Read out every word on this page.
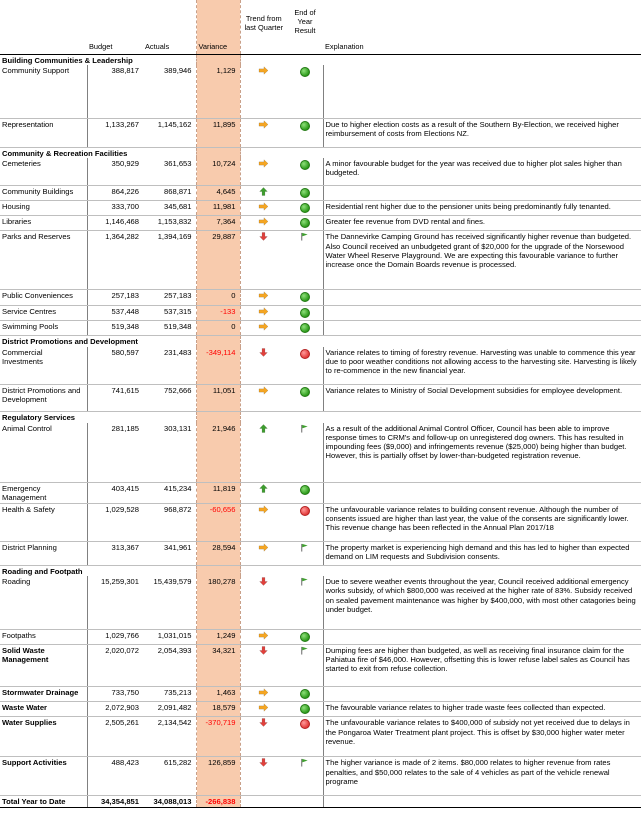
	Budget	Actuals	Variance	Trend from last Quarter	End of Year Result	Explanation
Building Communities & Leadership						
Community Support	388,817	389,946	1,129			
Representation	1,133,267	1,145,162	11,895			Due to higher election costs as a result of the Southern By-Election, we received higher reimbursement of costs from Elections NZ.
Community & Recreation Facilities						
Cemeteries	350,929	361,653	10,724			A minor favourable budget for the year was received due to higher plot sales higher than budgeted.
Community Buildings	864,226	868,871	4,645			
Housing	333,700	345,681	11,981			Residential rent higher due to the pensioner units being predominantly fully tenanted.
Libraries	1,146,468	1,153,832	7,364			Greater fee revenue from DVD rental and fines.
Parks and Reserves	1,364,282	1,394,169	29,887			The Dannevirke Camping Ground has received significantly higher revenue than budgeted. Also Council received an unbudgeted grant of $20,000 for the upgrade of the Norsewood Water Wheel Reserve Playground. We are expecting this favourable variance to further increase once the Domain Boards revenue is processed.
Public Conveniences	257,183	257,183	0			
Service Centres	537,448	537,315	-133			
Swimming Pools	519,348	519,348	0			
District Promotions and Development						
Commercial Investments	580,597	231,483	-349,114			Variance relates to timing of forestry revenue. Harvesting was unable to commence this year due to poor weather conditions not allowing access to the harvesting site. Harvesting is likely to re-commence in the new financial year.
District Promotions and Development	741,615	752,666	11,051			Variance relates to Ministry of Social Development subsidies for employee development.
Regulatory Services						
Animal Control	281,185	303,131	21,946			As a result of the additional Animal Control Officer, Council has been able to improve response times to CRM's and follow-up on unregistered dog owners. This has resulted in impounding fees ($9,000) and infringements revenue ($25,000) being higher than budget. However, this is partially offset by lower-than-budgeted registration revenue.
Emergency Management	403,415	415,234	11,819			
Health & Safety	1,029,528	968,872	-60,656			The unfavourable variance relates to building consent revenue. Although the number of consents issued are higher than last year, the value of the consents are significantly lower. This revenue change has been reflected in the Annual Plan 2017/18
District Planning	313,367	341,961	28,594			The property market is experiencing high demand and this has led to higher than expected demand on LIM requests and Subdivision consents.
Roading and Footpath						
Roading	15,259,301	15,439,579	180,278			Due to severe weather events throughout the year, Council received additional emergency works subsidy, of which $800,000 was received at the higher rate of 83%. Subsidy received on sealed pavement maintenance was higher by $400,000, with most other catagories being under budget.
Footpaths	1,029,766	1,031,015	1,249			
Solid Waste Management	2,020,072	2,054,393	34,321			Dumping fees are higher than budgeted, as well as receiving final insurance claim for the Pahiatua fire of $46,000. However, offsetting this is lower refuse label sales as Council has started to exit from refuse collection.
Stormwater Drainage	733,750	735,213	1,463			
Waste Water	2,072,903	2,091,482	18,579			The favourable variance relates to higher trade waste fees collected than expected.
Water Supplies	2,505,261	2,134,542	-370,719			The unfavourable variance relates to $400,000 of subsidy not yet received due to delays in the Pongaroa Water Treatment plant project. This is offset by $30,000 higher water meter revenue.
Support Activities	488,423	615,282	126,859			The higher variance is made of 2 items. $80,000 relates to higher revenue from rates penalties, and $50,000 relates to the sale of 4 vehicles as part of the vehicle renewal programe
Total Year to Date	34,354,851	34,088,013	-266,838			
